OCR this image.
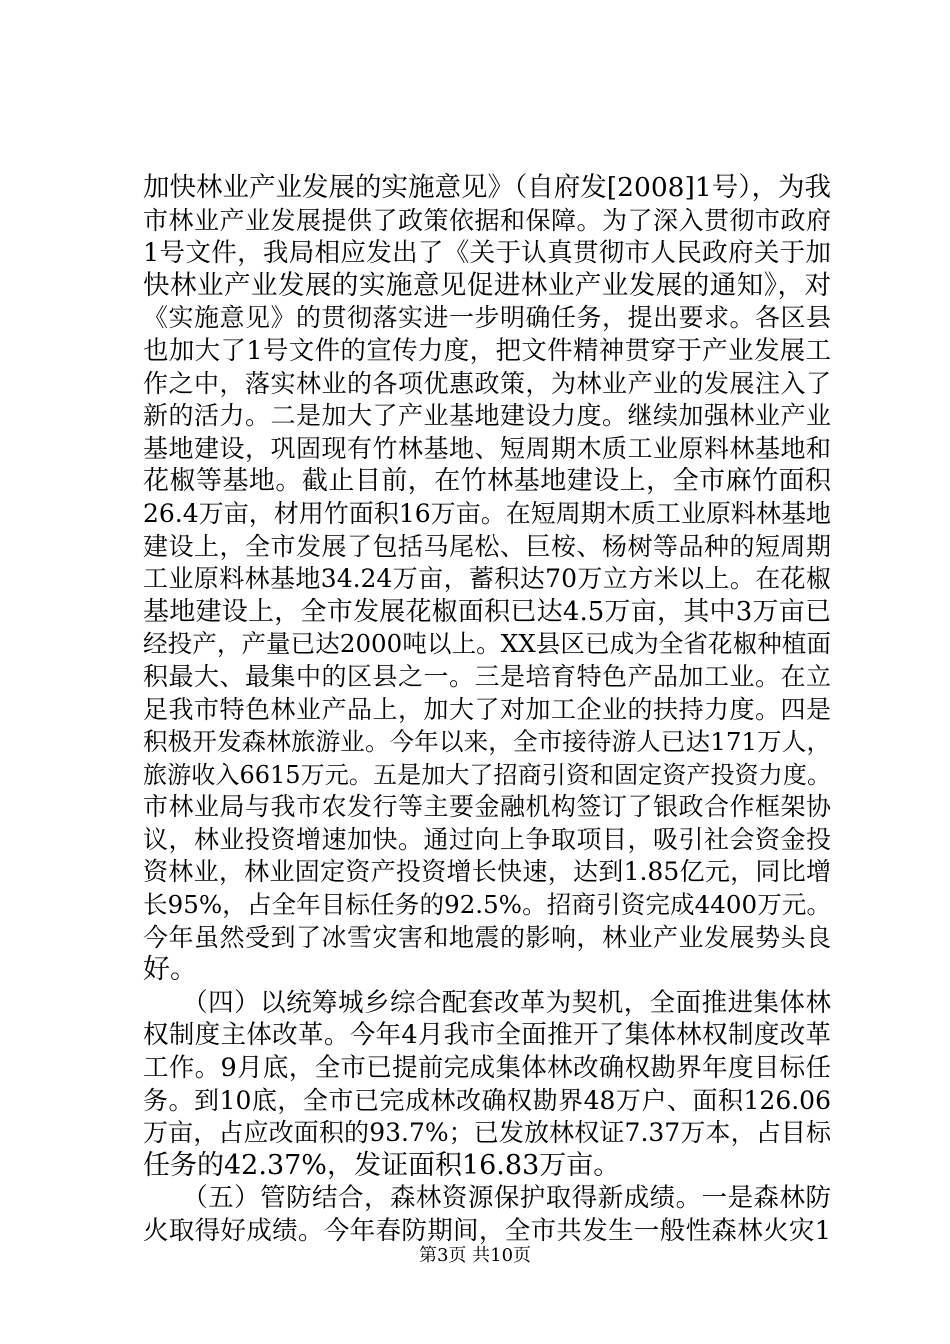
加快林业产业发展的实施意见》（自府发[2008]1号），为我
市林业产业发展提供了政策依据和保障。为了深入贯彻市政府
1号文件，我局相应发出了《关于认真贯彻市人民政府关于加
快林业产业发展的实施意见促进林业产业发展的通知》，对
《实施意见》的贯彻落实进一步明确任务，提出要求。各区县
也加大了1号文件的宣传力度，把文件精神贯穿于产业发展工
作之中，落实林业的各项优惠政策，为林业产业的发展注入了
新的活力。二是加大了产业基地建设力度。继续加强林业产业
基地建设，巩固现有竹林基地、短周期木质工业原料林基地和
花椒等基地。截止目前，在竹林基地建设上，全市麻竹面积
26.4万亩，材用竹面积16万亩。在短周期木质工业原料林基地
建设上，全市发展了包括马尾松、巨桉、杨树等品种的短周期
工业原料林基地34.24万亩，蓄积达70万立方米以上。在花椒
基地建设上，全市发展花椒面积已达4.5万亩，其中3万亩已
经投产，产量已达2000吨以上。XX县区已成为全省花椒种植面
积最大、最集中的区县之一。三是培育特色产品加工业。在立
足我市特色林业产品上，加大了对加工企业的扶持力度。四是
积极开发森林旅游业。今年以来，全市接待游人已达171万人，
旅游收入6615万元。五是加大了招商引资和固定资产投资力度。
市林业局与我市农发行等主要金融机构签订了银政合作框架协
议，林业投资增速加快。通过向上争取项目，吸引社会资金投
资林业，林业固定资产投资增长快速，达到1.85亿元，同比增
长95%，占全年目标任务的92.5%。招商引资完成4400万元。
今年虽然受到了冰雪灾害和地震的影响，林业产业发展势头良
好。
　　（四）以统筹城乡综合配套改革为契机，全面推进集体林
权制度主体改革。今年4月我市全面推开了集体林权制度改革
工作。9月底，全市已提前完成集体林改确权勘界年度目标任
务。到10底，全市已完成林改确权勘界48万户、面积126.06
万亩，占应改面积的93.7%；已发放林权证7.37万本，占目标
任务的42.37%，发证面积16.83万亩。
　　（五）管防结合，森林资源保护取得新成绩。一是森林防
火取得好成绩。今年春防期间，全市共发生一般性森林火灾1
第3页 共10页
